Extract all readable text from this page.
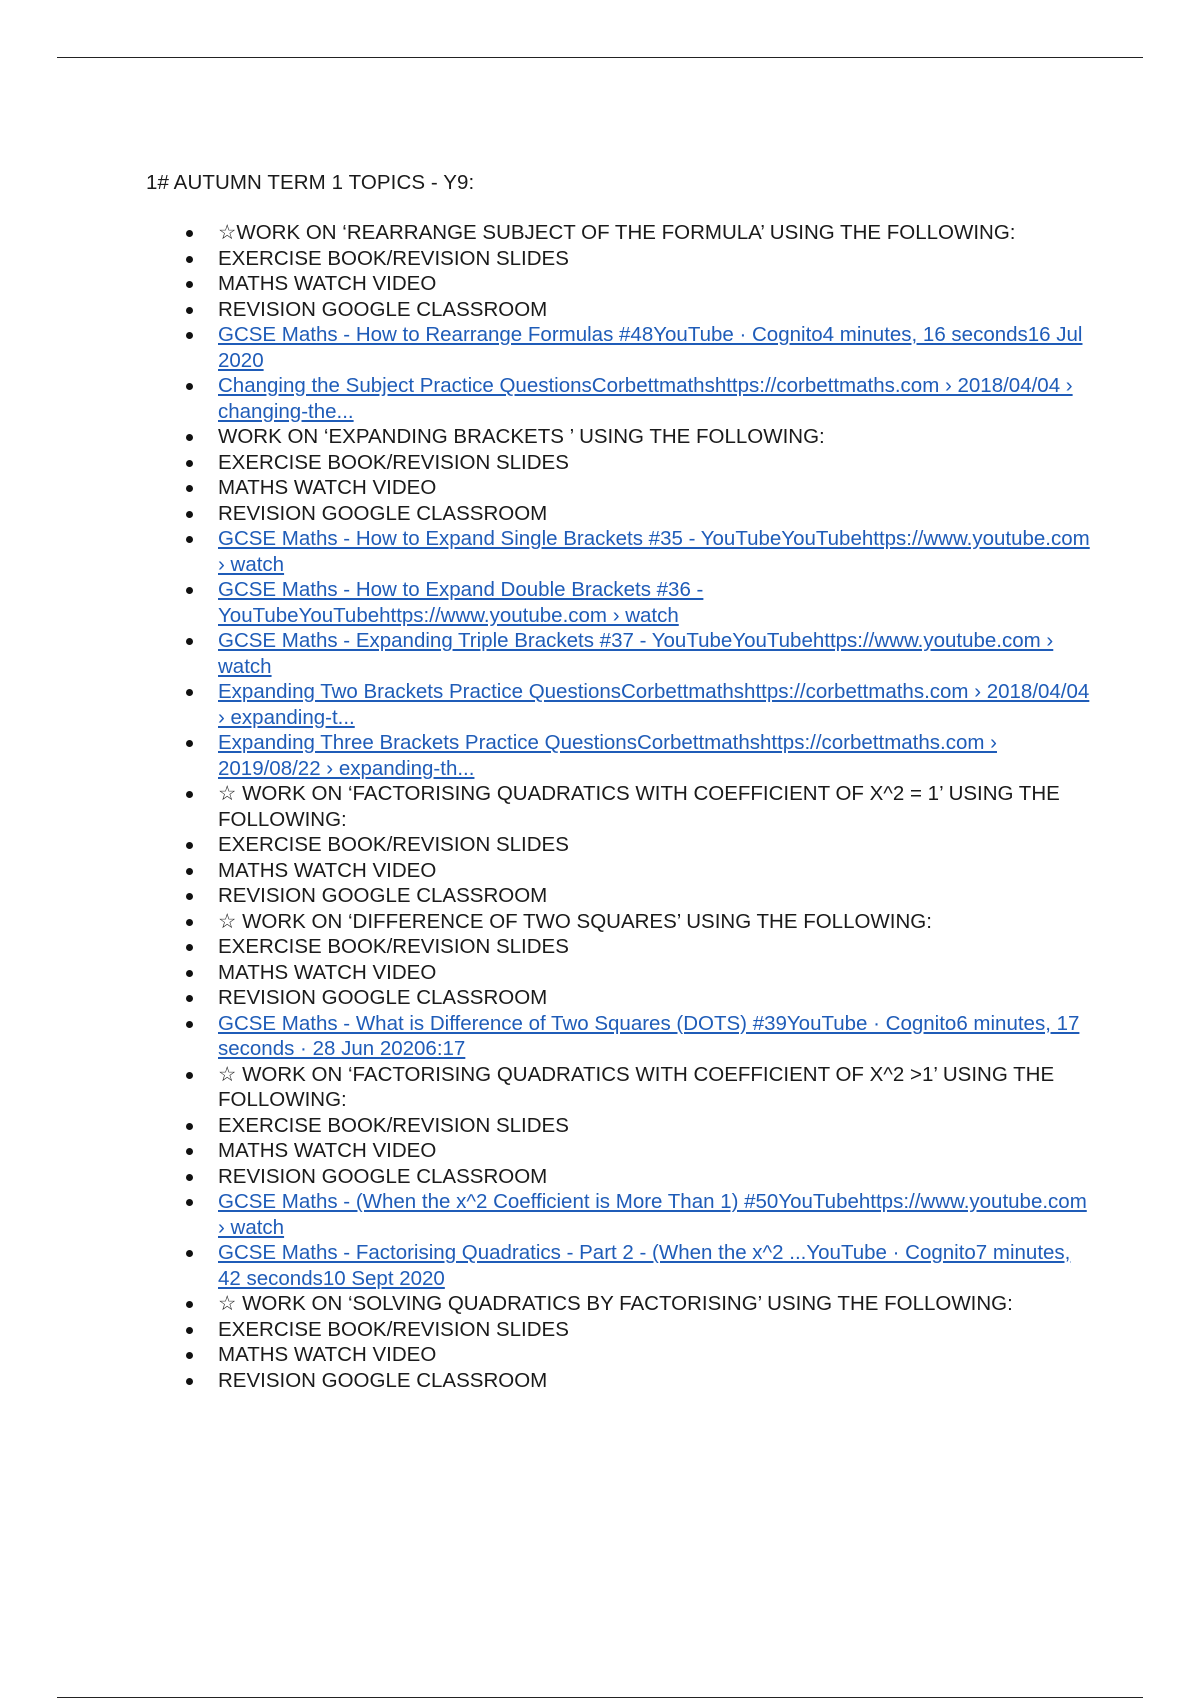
1# AUTUMN TERM 1 TOPICS - Y9:
☆WORK ON ‘REARRANGE SUBJECT OF THE FORMULA’ USING THE FOLLOWING:
EXERCISE BOOK/REVISION SLIDES
MATHS WATCH VIDEO
REVISION GOOGLE CLASSROOM
GCSE Maths - How to Rearrange Formulas #48YouTube · Cognito4 minutes, 16 seconds16 Jul 2020
Changing the Subject Practice QuestionsCorbettmathshttps://corbettmaths.com › 2018/04/04 › changing-the...
WORK ON ‘EXPANDING BRACKETS ’ USING THE FOLLOWING:
EXERCISE BOOK/REVISION SLIDES
MATHS WATCH VIDEO
REVISION GOOGLE CLASSROOM
GCSE Maths - How to Expand Single Brackets #35 - YouTubeYouTubehttps://www.youtube.com › watch
GCSE Maths - How to Expand Double Brackets #36 - YouTubeYouTubehttps://www.youtube.com › watch
GCSE Maths - Expanding Triple Brackets #37 - YouTubeYouTubehttps://www.youtube.com › watch
Expanding Two Brackets Practice QuestionsCorbettmathshttps://corbettmaths.com › 2018/04/04 › expanding-t...
Expanding Three Brackets Practice QuestionsCorbettmathshttps://corbettmaths.com › 2019/08/22 › expanding-th...
☆ WORK ON ‘FACTORISING QUADRATICS WITH COEFFICIENT OF X^2 = 1’ USING THE FOLLOWING:
EXERCISE BOOK/REVISION SLIDES
MATHS WATCH VIDEO
REVISION GOOGLE CLASSROOM
☆ WORK ON ‘DIFFERENCE OF TWO SQUARES’ USING THE FOLLOWING:
EXERCISE BOOK/REVISION SLIDES
MATHS WATCH VIDEO
REVISION GOOGLE CLASSROOM
GCSE Maths - What is Difference of Two Squares (DOTS) #39YouTube · Cognito6 minutes, 17 seconds · 28 Jun 20206:17
☆ WORK ON ‘FACTORISING QUADRATICS WITH COEFFICIENT OF X^2 >1’ USING THE FOLLOWING:
EXERCISE BOOK/REVISION SLIDES
MATHS WATCH VIDEO
REVISION GOOGLE CLASSROOM
GCSE Maths - (When the x^2 Coefficient is More Than 1) #50YouTubehttps://www.youtube.com › watch
GCSE Maths - Factorising Quadratics - Part 2 - (When the x^2 ...YouTube · Cognito7 minutes, 42 seconds10 Sept 2020
☆ WORK ON ‘SOLVING QUADRATICS BY FACTORISING’ USING THE FOLLOWING:
EXERCISE BOOK/REVISION SLIDES
MATHS WATCH VIDEO
REVISION GOOGLE CLASSROOM
